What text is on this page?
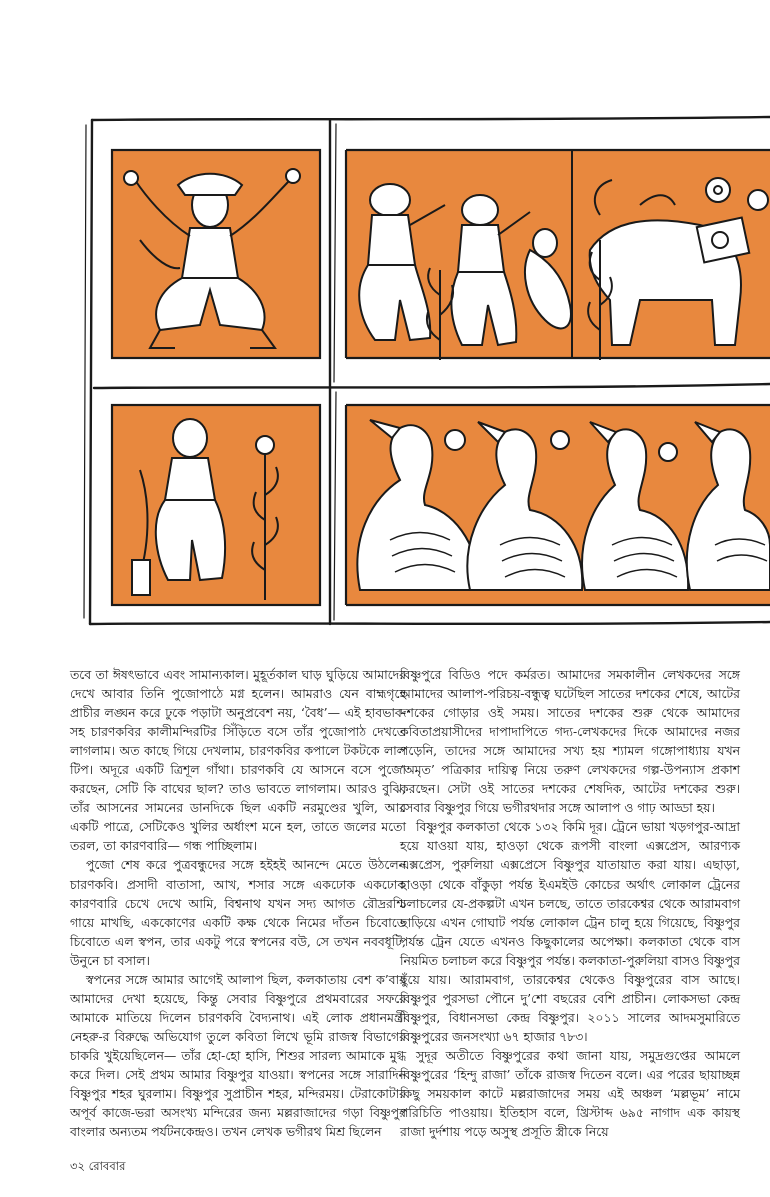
তবে তা ঈষৎভাবে এবং সামান্যকাল। মুহূর্তকাল ঘাড় ঘুড়িয়ে আমাদের দেখে আবার তিনি পুজোপাঠে মগ্ন হলেন। আমরাও যেন বাহ্মগৃহে প্রাচীর লঙ্ঘন করে ঢুকে পড়াটা অনুপ্রবেশ নয়, ‘বৈধ’— এই হাবভাব-সহ চারণকবির কালীমন্দিরটির সিঁড়িতে বসে তাঁর পুজোপাঠ দেখতে লাগলাম। অত কাছে গিয়ে দেখলাম, চারণকবির কপালে টকটকে লাল টিপ। অদূরে একটি ত্রিশূল গাঁথা। চারণকবি যে আসনে বসে পুজো করছেন, সেটি কি বাঘের ছাল? তাও ভাবতে লাগলাম। আরও বুঝি, তাঁর আসনের সামনের ডানদিকে ছিল একটি নরমুণ্ডের খুলি, আর একটি পাত্রে, সেটিকেও খুলির অর্ধাংশ মনে হল, তাতে জলের মতো তরল, তা কারণবারি— গন্ধ পাচ্ছিলাম।

পুজো শেষ করে পুত্রবন্ধুদের সঙ্গে হইহই আনন্দে মেতে উঠলেন চারণকবি। প্রসাদী বাতাসা, আখ, শসার সঙ্গে একঢোক একঢোক কারণবারি চেখে দেখে আমি, বিশ্বনাথ যখন সদ্য আগত রৌদ্ররশ্মি গায়ে মাখছি, এককোণের একটি কক্ষ থেকে নিমের দাঁতন চিবোতে চিবোতে এল স্বপন, তার একটু পরে স্বপনের বউ, সে তখন নববধূটি, উনুনে চা বসাল।

স্বপনের সঙ্গে আমার আগেই আলাপ ছিল, কলকাতায় বেশ ক’বার আমাদের দেখা হয়েছে, কিন্তু সেবার বিষ্ণুপুরে প্রথমবারের সফরে আমাকে মাতিয়ে দিলেন চারণকবি বৈদ্যনাথ। এই লোক প্রধানমন্ত্রী নেহরু-র বিরুদ্ধে অভিযোগ তুলে কবিতা লিখে ভূমি রাজস্ব বিভাগের চাকরি খুইয়েছিলেন— তাঁর হো-হো হাসি, শিশুর সারল্য আমাকে মুগ্ধ করে দিল। সেই প্রথম আমার বিষ্ণুপুর যাওয়া। স্বপনের সঙ্গে সারাদিন বিষ্ণুপুর শহর ঘুরলাম। বিষ্ণুপুর সুপ্রাচীন শহর, মন্দিরময়। টেরাকোটার অপূর্ব কাজে-ভরা অসংখ্য মন্দিরের জন্য মল্লরাজাদের গড়া বিষ্ণুপুর বাংলার অন্যতম পর্যটনকেন্দ্রও। তখন লেখক ভগীরথ মিশ্র ছিলেন

বিষ্ণুপুরে বিডিও পদে কর্মরত। আমাদের সমকালীন লেখকদের সঙ্গে আমাদের আলাপ-পরিচয়-বন্ধুত্ব ঘটেছিল সাতের দশকের শেষে, আটের দশকের গোড়ার ওই সময়। সাতের দশকের শুরু থেকে আমাদের কবিতাপ্রয়াসীদের দাপাদাপিতে গদ্য-লেখকদের দিকে আমাদের নজর পড়েনি, তাদের সঙ্গে আমাদের সখ্য হয় শ্যামল গঙ্গোপাধ্যায় যখন ‘অমৃত’ পত্রিকার দায়িত্ব নিয়ে তরুণ লেখকদের গল্প-উপন্যাস প্রকাশ করছেন। সেটা ওই সাতের দশকের শেষদিক, আটের দশকের শুরু। সেবার বিষ্ণুপুর গিয়ে ভগীরথদার সঙ্গে আলাপ ও গাঢ় আড্ডা হয়।

বিষ্ণুপুর কলকাতা থেকে ১৩২ কিমি দূর। ট্রেনে ভায়া খড়গপুর-আদ্রা হয়ে যাওয়া যায়, হাওড়া থেকে রূপসী বাংলা এক্সপ্রেস, আরণ্যক এক্সপ্রেস, পুরুলিয়া এক্সপ্রেসে বিষ্ণুপুর যাতায়াত করা যায়। এছাড়া, হাওড়া থেকে বাঁকুড়া পর্যন্ত ইএমইউ কোচের অর্থাৎ লোকাল ট্রেনের চলাচলের যে-প্রকল্পটা এখন চলছে, তাতে তারকেশ্বর থেকে আরামবাগ ছাড়িয়ে এখন গোঘাট পর্যন্ত লোকাল ট্রেন চালু হয়ে গিয়েছে, বিষ্ণুপুর পর্যন্ত ট্রেন যেতে এখনও কিছুকালের অপেক্ষা। কলকাতা থেকে বাস নিয়মিত চলাচল করে বিষ্ণুপুর পর্যন্ত। কলকাতা-পুরুলিয়া বাসও বিষ্ণুপুর ছুঁয়ে যায়। আরামবাগ, তারকেশ্বর থেকেও বিষ্ণুপুরের বাস আছে। বিষ্ণুপুর পুরসভা পৌনে দু’শো বছরের বেশি প্রাচীন। লোকসভা কেন্দ্র বিষ্ণুপুর, বিধানসভা কেন্দ্র বিষ্ণুপুর। ২০১১ সালের আদমসুমারিতে বিষ্ণুপুরের জনসংখ্যা ৬৭ হাজার ৭৮৩।

সুদূর অতীতে বিষ্ণুপুরের কথা জানা যায়, সমুদ্রগুপ্তের আমলে বিষ্ণুপুরের ‘হিন্দু রাজা’ তাঁকে রাজস্ব দিতেন বলে। এর পরের ছায়াচ্ছন্ন কিছু সময়কাল কাটে মল্লরাজাদের সময় এই অঞ্চল ‘মল্লভূম’ নামে পরিচিতি পাওয়ায়। ইতিহাস বলে, খ্রিস্টাব্দ ৬৯৫ নাগাদ এক কায়স্থ রাজা দুর্দশায় পড়ে অসুস্থ প্রসূতি স্ত্রীকে নিয়ে

৩২ রোববার
